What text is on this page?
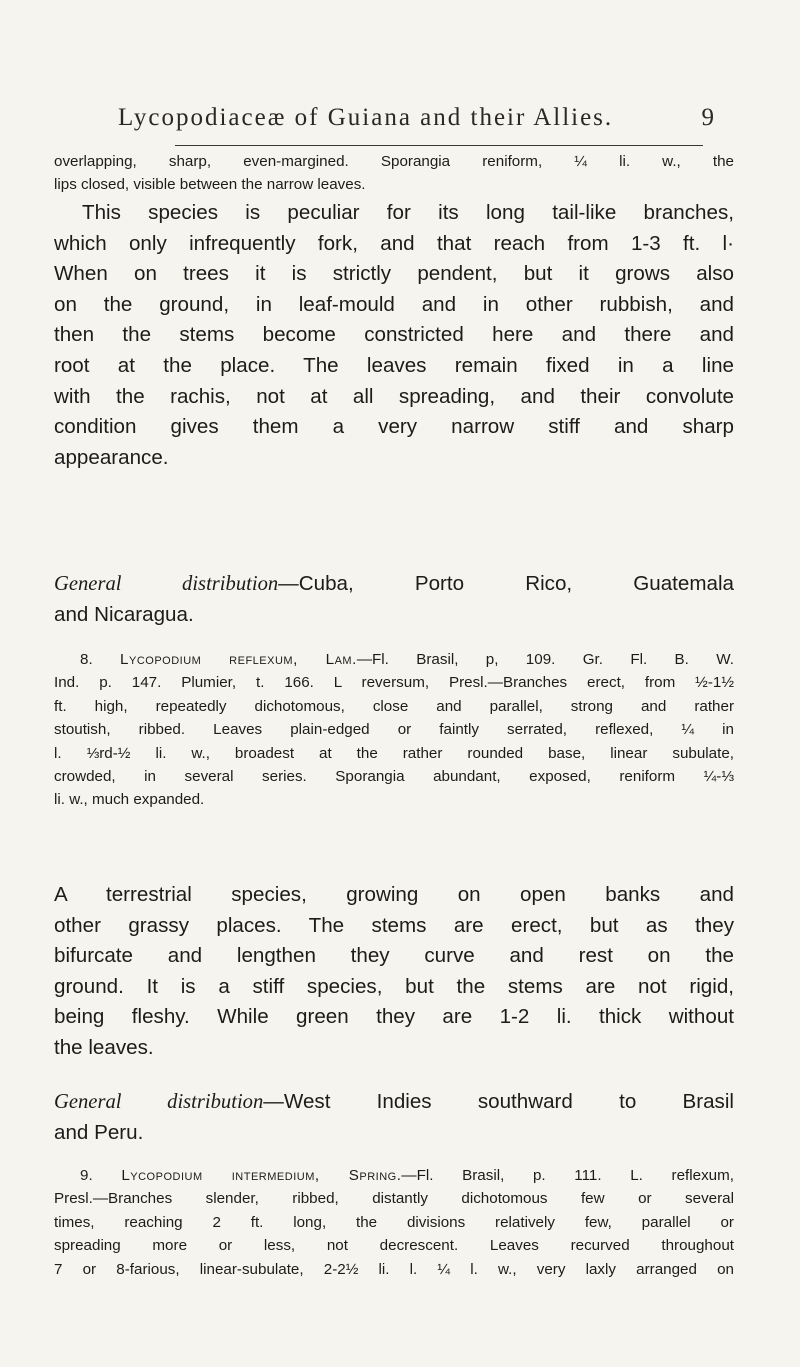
Lycopodiaceæ of Guiana and their Allies.	9
overlapping, sharp, even-margined. Sporangia reniform, ¼ li. w., the
lips closed, visible between the narrow leaves.
This species is peculiar for its long tail-like branches,
which only infrequently fork, and that reach from 1-3 ft. l·
When on trees it is strictly pendent, but it grows also
on the ground, in leaf-mould and in other rubbish, and
then the stems become constricted here and there and
root at the place. The leaves remain fixed in a line
with the rachis, not at all spreading, and their convolute
condition gives them a very narrow stiff and sharp
appearance.
General distribution—Cuba, Porto Rico, Guatemala
and Nicaragua.
8. Lycopodium reflexum, Lam.—Fl. Brasil, p, 109. Gr. Fl. B. W.
Ind. p. 147. Plumier, t. 166. L reversum, Presl.—Branches erect, from ½-1½
ft. high, repeatedly dichotomous, close and parallel, strong and rather
stoutish, ribbed. Leaves plain-edged or faintly serrated, reflexed, ¼ in
l. ⅓rd-½ li. w., broadest at the rather rounded base, linear subulate,
crowded, in several series. Sporangia abundant, exposed, reniform ¼-⅓
li. w., much expanded.
A terrestrial species, growing on open banks and
other grassy places. The stems are erect, but as they
bifurcate and lengthen they curve and rest on the
ground. It is a stiff species, but the stems are not rigid,
being fleshy. While green they are 1-2 li. thick without
the leaves.
General distribution—West Indies southward to Brasil
and Peru.
9. Lycopodium intermedium, Spring.—Fl. Brasil, p. 111. L. reflexum,
Presl.—Branches slender, ribbed, distantly dichotomous few or several
times, reaching 2 ft. long, the divisions relatively few, parallel or
spreading more or less, not decrescent. Leaves recurved throughout
7 or 8-farious, linear-subulate, 2-2½ li. l. ¼ l. w., very laxly arranged on
